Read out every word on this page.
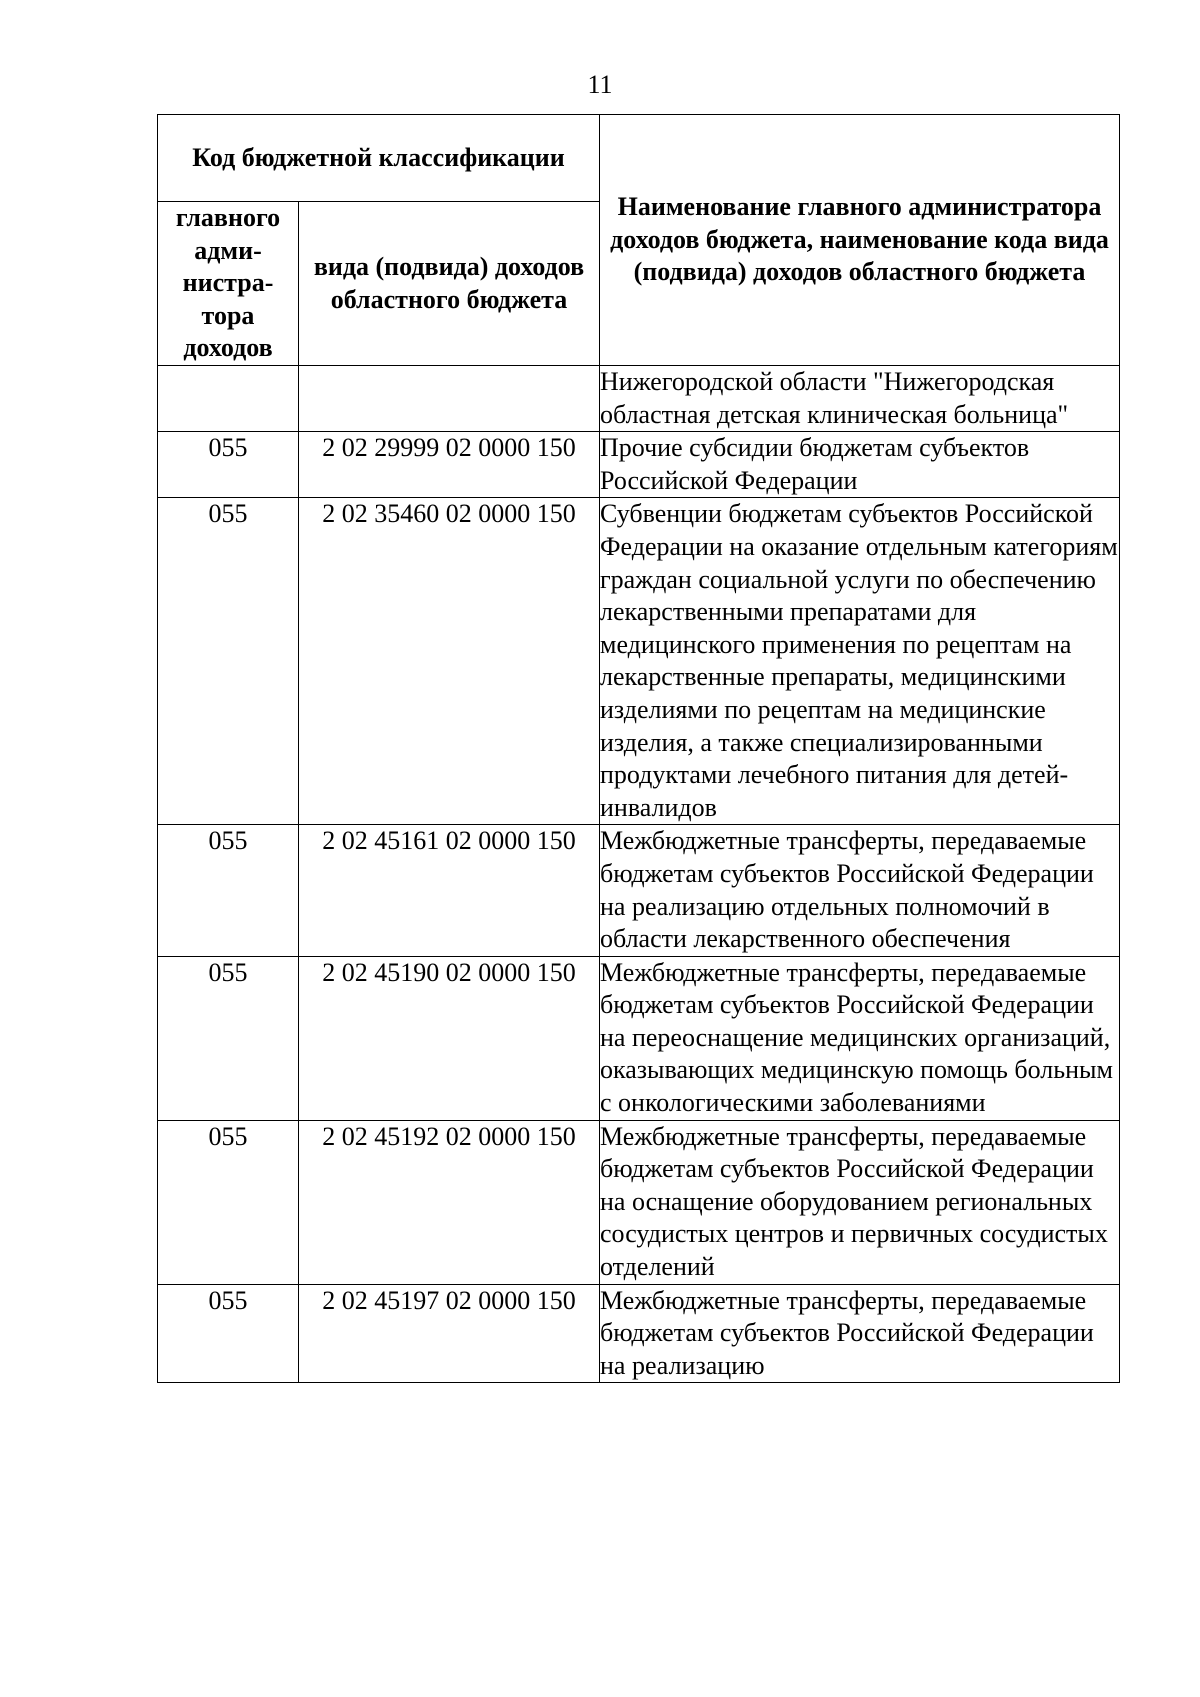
11
Код бюджетной классификации		Наименование главного администратора доходов бюджета, наименование кода вида (подвида) доходов областного бюджета
главного адми- нистра- тора доходов	вида (подвида) доходов областного бюджета	
		Нижегородской области "Нижегородская областная детская клиническая больница"
055	2 02 29999 02 0000 150	Прочие субсидии бюджетам субъектов Российской Федерации
055	2 02 35460 02 0000 150	Субвенции бюджетам субъектов Российской Федерации на оказание отдельным категориям граждан социальной услуги по обеспечению лекарственными препаратами для медицинского применения по рецептам на лекарственные препараты, медицинскими изделиями по рецептам на медицинские изделия, а также специализированными продуктами лечебного питания для детей-инвалидов
055	2 02 45161 02 0000 150	Межбюджетные трансферты, передаваемые бюджетам субъектов Российской Федерации на реализацию отдельных полномочий в области лекарственного обеспечения
055	2 02 45190 02 0000 150	Межбюджетные трансферты, передаваемые бюджетам субъектов Российской Федерации на переоснащение медицинских организаций, оказывающих медицинскую помощь больным с онкологическими заболеваниями
055	2 02 45192 02 0000 150	Межбюджетные трансферты, передаваемые бюджетам субъектов Российской Федерации на оснащение оборудованием региональных сосудистых центров и первичных сосудистых отделений
055	2 02 45197 02 0000 150	Межбюджетные трансферты, передаваемые бюджетам субъектов Российской Федерации на реализацию
